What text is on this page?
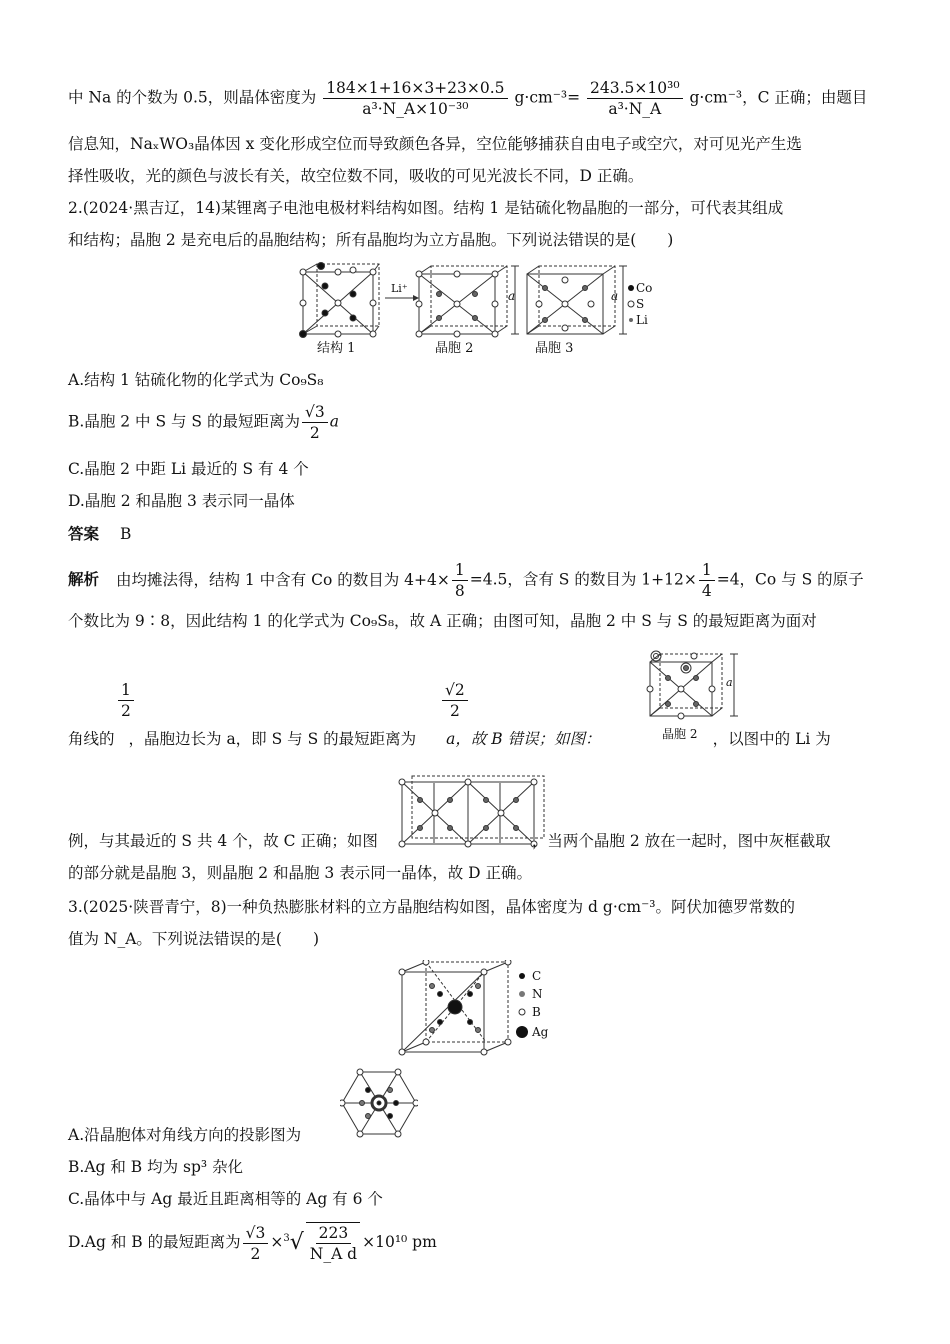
中 Na 的个数为 0.5，则晶体密度为 $\frac{184\times 1+16\times 3+23\times 0.5}{\text{a³·N\_A×10⁻³⁰}} g\cdot cm^{-3}= \frac{\text{243.5×10³⁰}}{\text{a³·N\_A}} g\cdot cm^{-3}$，C 正确；由题目
信息知，NaₓWO₃晶体因 x 变化形成空位而导致颜色各异，空位能够捕获自由电子或空穴，对可见光产生选
择性吸收，光的颜色与波长有关，故空位数不同，吸收的可见光波长不同，D 正确。
2.(2024·黑吉辽，14)某锂离子电池电极材料结构如图。结构 1 是钴硫化物晶胞的一部分，可代表其组成
和结构；晶胞 2 是充电后的晶胞结构；所有晶胞均为立方晶胞。下列说法错误的是(　　)
结构 1
Li⁺
a
晶胞 2
a
晶胞 3
Co
S
Li
A.结构 1 钴硫化物的化学式为 Co₉S₈
B.晶胞 2 中 S 与 S 的最短距离为 $\frac{√3}{2}$ a
C.晶胞 2 中距 Li 最近的 S 有 4 个
D.晶胞 2 和晶胞 3 表示同一晶体
答案 B
解析 由均摊法得，结构 1 中含有 Co 的数目为 $4+4\times \frac{1}{8} =4.5$，含有 S 的数目为 $1+12\times \frac{1}{4} =4$，Co 与 S 的原子
个数比为 9∶8，因此结构 1 的化学式为 Co₉S₈，故 A 正确；由图可知，晶胞 2 中 S 与 S 的最短距离为面对
$\frac{1}{2}$	$\frac{√2}{2}$	a
晶胞 2
角线的 ，晶胞边长为 a，即 S 与 S 的最短距离为 a，故 B 错误；如图：	，以图中的 Li 为
例，与其最近的 S 共 4 个，故 C 正确；如图	，当两个晶胞 2 放在一起时，图中灰框截取
的部分就是晶胞 3，则晶胞 2 和晶胞 3 表示同一晶体，故 D 正确。
3.(2025·陕晋青宁，8)一种负热膨胀材料的立方晶胞结构如图，晶体密度为 d g·cm⁻³。阿伏加德罗常数的
值为 N_A。下列说法错误的是(　　)
C
N
B
Ag
A.沿晶胞体对角线方向的投影图为
B.Ag 和 B 均为 sp³ 杂化
C.晶体中与 Ag 最近且距离相等的 Ag 有 6 个
D.Ag 和 B 的最短距离为 $\frac{√3}{2} \times^3√ \frac{223}{\text{N\_A d}} \times 10^{10}$ pm
